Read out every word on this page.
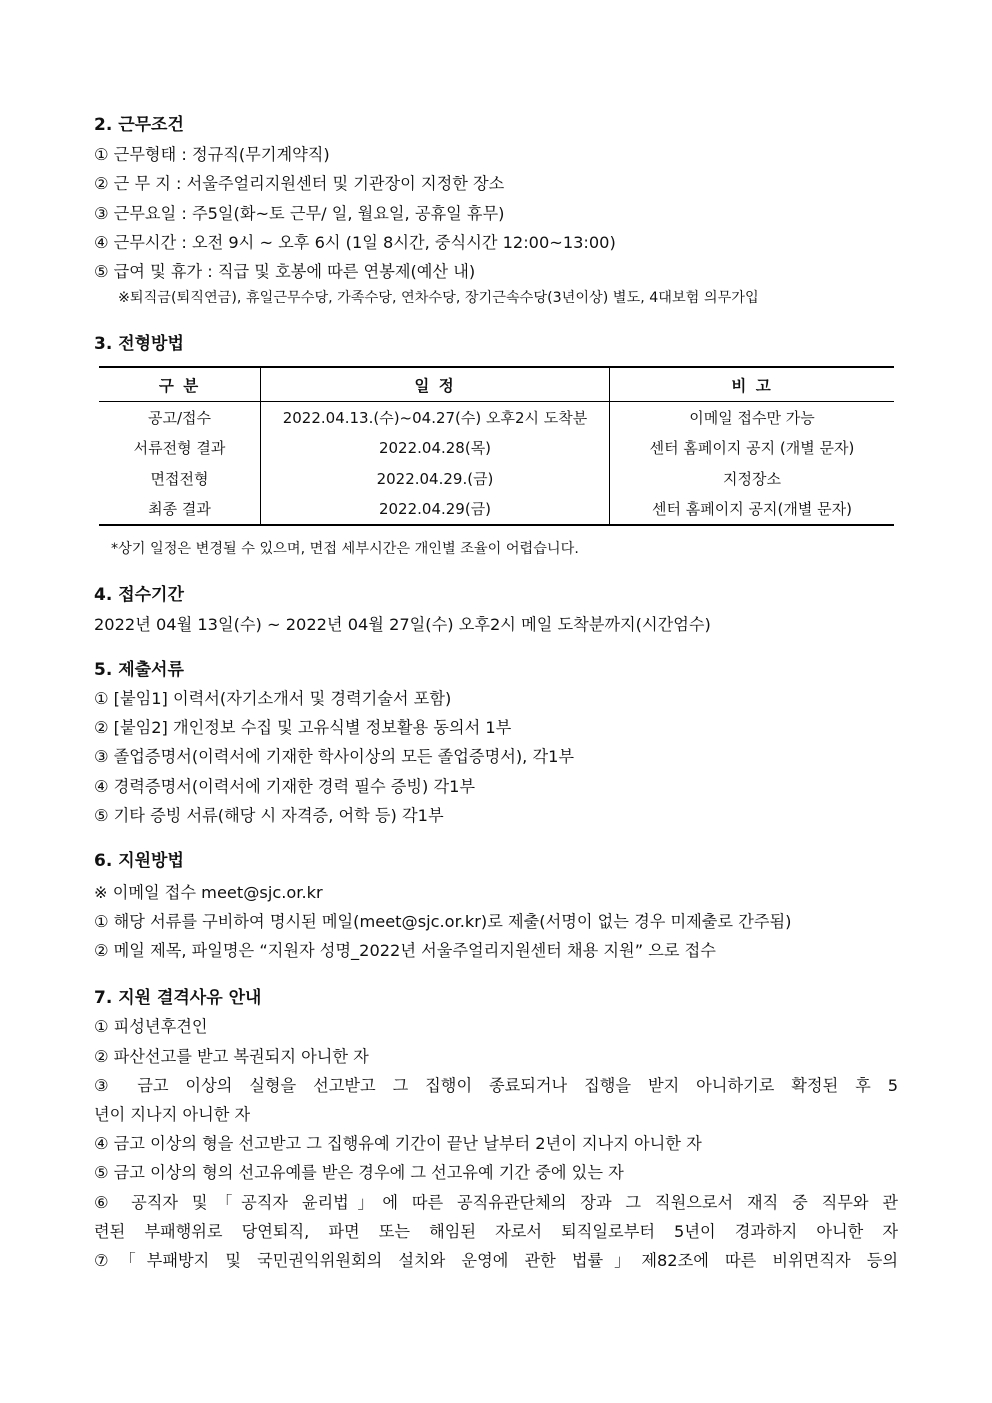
2. 근무조건

① 근무형태 : 정규직(무기계약직)

② 근 무 지 : 서울주얼리지원센터 및 기관장이 지정한 장소

③ 근무요일 : 주5일(화~토 근무/ 일, 월요일, 공휴일 휴무)

④ 근무시간 : 오전 9시 ~ 오후 6시 (1일 8시간, 중식시간 12:00~13:00)

⑤ 급여 및 휴가 : 직급 및 호봉에 따른 연봉제(예산 내)

※퇴직금(퇴직연금), 휴일근무수당, 가족수당, 연차수당, 장기근속수당(3년이상) 별도, 4대보험 의무가입

3. 전형방법
구 분	일 정	비 고
공고/접수	2022.04.13.(수)~04.27(수) 오후2시 도착분	이메일 접수만 가능
서류전형 결과	2022.04.28(목)	센터 홈페이지 공지 (개별 문자)
면접전형	2022.04.29.(금)	지정장소
최종 결과	2022.04.29(금)	센터 홈페이지 공지(개별 문자)

*상기 일정은 변경될 수 있으며, 면접 세부시간은 개인별 조율이 어렵습니다.

4. 접수기간

2022년 04월 13일(수) ~ 2022년 04월 27일(수) 오후2시 메일 도착분까지(시간엄수)

5. 제출서류

① [붙임1] 이력서(자기소개서 및 경력기술서 포함)

② [붙임2] 개인정보 수집 및 고유식별 정보활용 동의서 1부

③ 졸업증명서(이력서에 기재한 학사이상의 모든 졸업증명서), 각1부

④ 경력증명서(이력서에 기재한 경력 필수 증빙) 각1부

⑤ 기타 증빙 서류(해당 시 자격증, 어학 등) 각1부

6. 지원방법

※ 이메일 접수 meet@sjc.or.kr

① 해당 서류를 구비하여 명시된 메일(meet@sjc.or.kr)로 제출(서명이 없는 경우 미제출로 간주됨)

② 메일 제목, 파일명은 “지원자 성명_2022년 서울주얼리지원센터 채용 지원” 으로 접수

7. 지원 결격사유 안내

① 피성년후견인

② 파산선고를 받고 복권되지 아니한 자

③ 금고 이상의 실형을 선고받고 그 집행이 종료되거나 집행을 받지 아니하기로 확정된 후 5

년이 지나지 아니한 자

④ 금고 이상의 형을 선고받고 그 집행유예 기간이 끝난 날부터 2년이 지나지 아니한 자

⑤ 금고 이상의 형의 선고유예를 받은 경우에 그 선고유예 기간 중에 있는 자

⑥ 공직자 및「공직자 윤리법」에 따른 공직유관단체의 장과 그 직원으로서 재직 중 직무와 관

련된 부패행위로 당연퇴직, 파면 또는 해임된 자로서 퇴직일로부터 5년이 경과하지 아니한 자

⑦「부패방지 및 국민권익위원회의 설치와 운영에 관한 법률」제82조에 따른 비위면직자 등의
